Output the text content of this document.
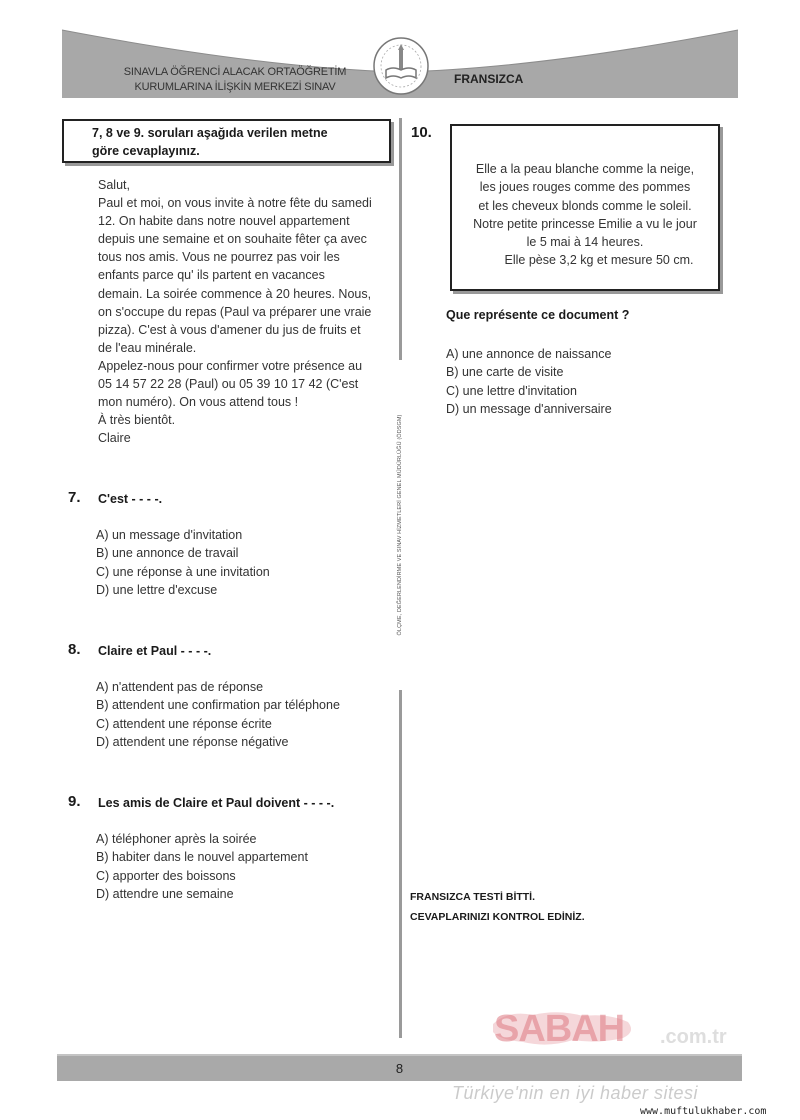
SINAVLA ÖĞRENCİ ALACAK ORTAÖĞRETİM
KURUMLARINA İLİŞKİN MERKEZİ SINAV
FRANSIZCA
ÖLÇME, DEĞERLENDİRME VE SINAV HİZMETLERİ GENEL MÜDÜRLÜĞÜ (ÖDSGM)
7, 8 ve 9. soruları aşağıda verilen metne
göre cevaplayınız.
Salut,
Paul et moi, on vous invite à notre fête du samedi
12. On habite dans notre nouvel appartement
depuis une semaine et on souhaite fêter ça avec
tous nos amis. Vous ne pourrez pas voir les
enfants parce qu' ils partent en vacances
demain. La soirée commence à 20 heures. Nous,
on s'occupe du repas (Paul va préparer une vraie
pizza). C'est à vous d'amener du jus de fruits et
de l'eau minérale.
Appelez-nous pour confirmer votre présence au
05 14 57 22 28 (Paul) ou 05 39 10 17 42 (C'est
mon numéro). On vous attend tous !
À très bientôt.
Claire
7. C'est - - - -.
A) un message d'invitation
B) une annonce de travail
C) une réponse à une invitation
D) une lettre d'excuse
8. Claire et Paul - - - -.
A) n'attendent pas de réponse
B) attendent une confirmation par téléphone
C) attendent une réponse écrite
D) attendent une réponse négative
9. Les amis de Claire et Paul doivent - - - -.
A) téléphoner après la soirée
B) habiter dans le nouvel appartement
C) apporter des boissons
D) attendre une semaine
10.
Elle a la peau blanche comme la neige,
les joues rouges comme des pommes
et les cheveux blonds comme le soleil.
Notre petite princesse Emilie a vu le jour
le 5 mai à 14 heures.
Elle pèse 3,2 kg et mesure 50 cm.
Que représente ce document ?
A) une annonce de naissance
B) une carte de visite
C) une lettre d'invitation
D) un message d'anniversaire
FRANSIZCA TESTİ BİTTİ.
CEVAPLARINIZI KONTROL EDİNİZ.
8
SABAH .com.tr
Türkiye'nin en iyi haber sitesi
www.muftulukhaber.com
